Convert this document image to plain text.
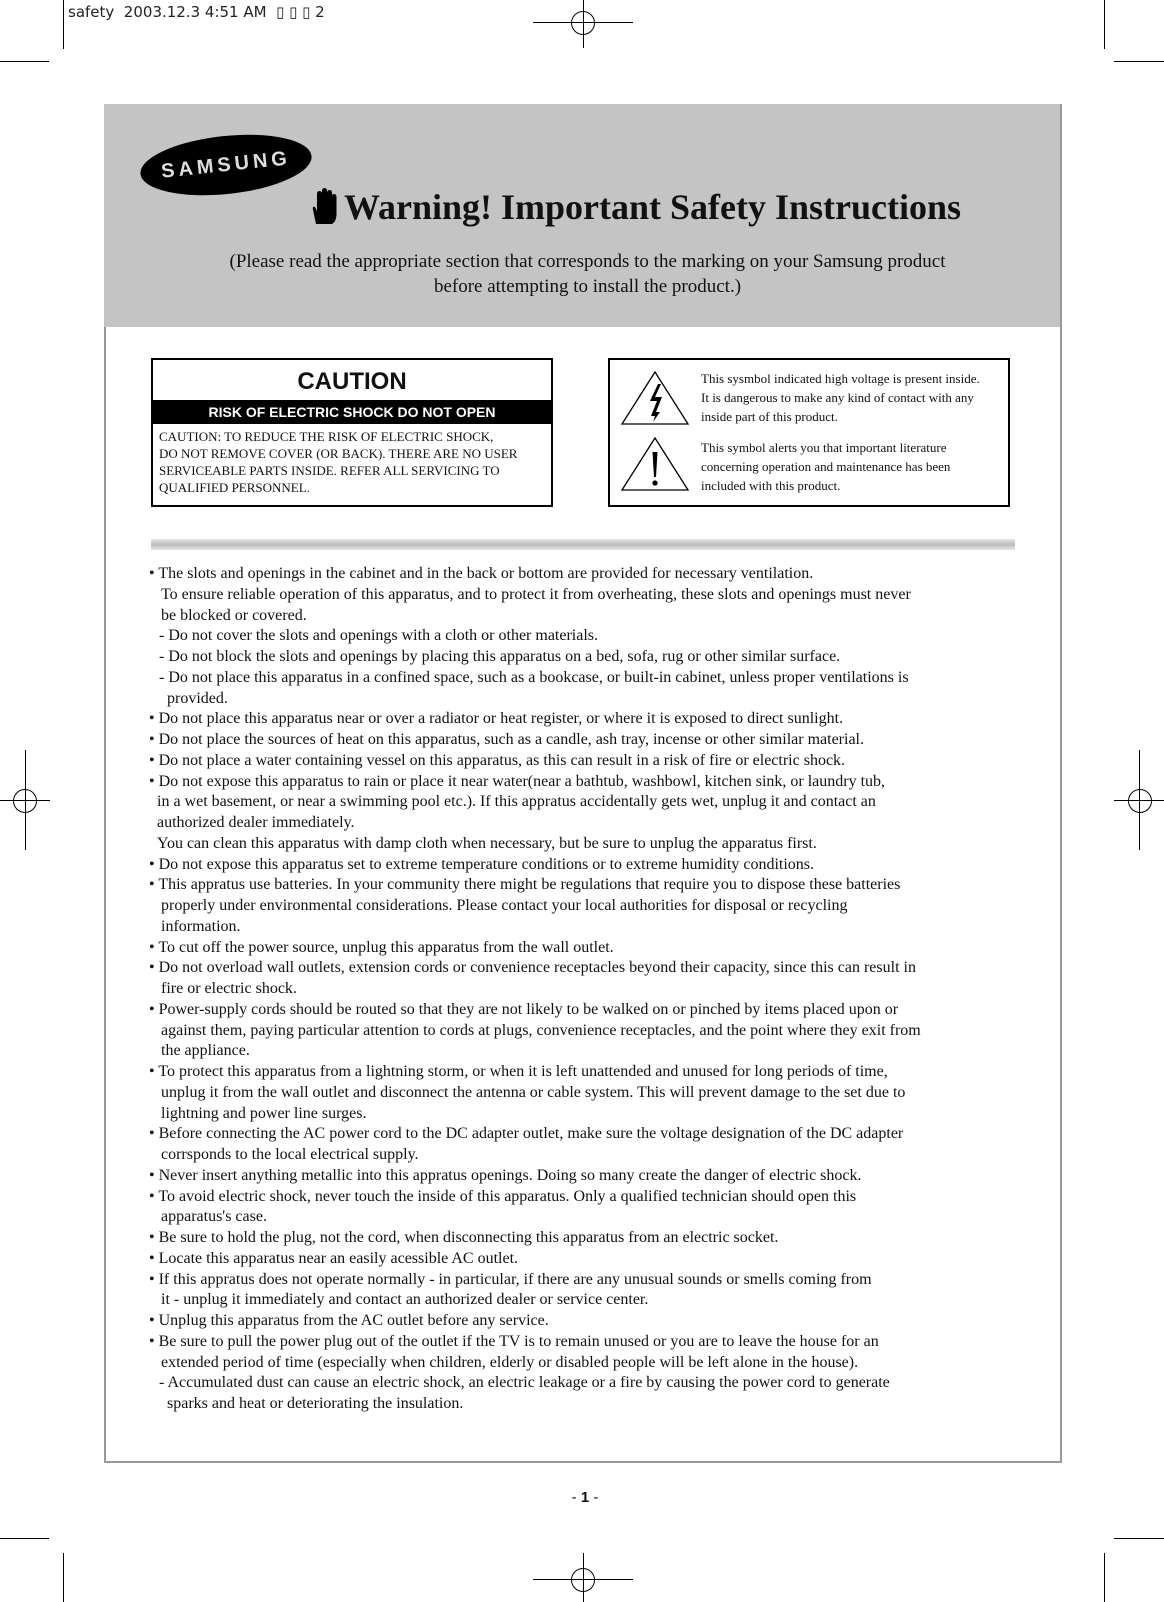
safety  2003.12.3 4:51 AM  ▯ ▯ ▯ 2
SAMSUNG
Warning! Important Safety Instructions
(Please read the appropriate section that corresponds to the marking on your Samsung product
before attempting to install the product.)
CAUTION
RISK OF ELECTRIC SHOCK DO NOT OPEN
CAUTION: TO REDUCE THE RISK OF ELECTRIC SHOCK,
DO NOT REMOVE COVER (OR BACK). THERE ARE NO USER
SERVICEABLE PARTS INSIDE. REFER ALL SERVICING TO
QUALIFIED PERSONNEL.
This sysmbol indicated high voltage is present inside.
It is dangerous to make any kind of contact with any
inside part of this product.
This symbol alerts you that important literature
concerning operation and maintenance has been
included with this product.
• The slots and openings in the cabinet and in the back or bottom are provided for necessary ventilation.
To ensure reliable operation of this apparatus, and to protect it from overheating, these slots and openings must never
be blocked or covered.
- Do not cover the slots and openings with a cloth or other materials.
- Do not block the slots and openings by placing this apparatus on a bed, sofa, rug or other similar surface.
- Do not place this apparatus in a confined space, such as a bookcase, or built-in cabinet, unless proper ventilations is
provided.
• Do not place this apparatus near or over a radiator or heat register, or where it is exposed to direct sunlight.
• Do not place the sources of heat on this apparatus, such as a candle, ash tray, incense or other similar material.
• Do not place a water containing vessel on this apparatus, as this can result in a risk of fire or electric shock.
• Do not expose this apparatus to rain or place it near water(near a bathtub, washbowl, kitchen sink, or laundry tub,
in a wet basement, or near a swimming pool etc.). If this appratus accidentally gets wet, unplug it and contact an
authorized dealer immediately.
You can clean this apparatus with damp cloth when necessary, but be sure to unplug the apparatus first.
• Do not expose this apparatus set to extreme temperature conditions or to extreme humidity conditions.
• This appratus use batteries. In your community there might be regulations that require you to dispose these batteries
properly under environmental considerations. Please contact your local authorities for disposal or recycling
information.
• To cut off the power source, unplug this apparatus from the wall outlet.
• Do not overload wall outlets, extension cords or convenience receptacles beyond their capacity, since this can result in
fire or electric shock.
• Power-supply cords should be routed so that they are not likely to be walked on or pinched by items placed upon or
against them, paying particular attention to cords at plugs, convenience receptacles, and the point where they exit from
the appliance.
• To protect this apparatus from a lightning storm, or when it is left unattended and unused for long periods of time,
unplug it from the wall outlet and disconnect the antenna or cable system. This will prevent damage to the set due to
lightning and power line surges.
• Before connecting the AC power cord to the DC adapter outlet, make sure the voltage designation of the DC adapter
corrsponds to the local electrical supply.
• Never insert anything metallic into this appratus openings. Doing so many create the danger of electric shock.
• To avoid electric shock, never touch the inside of this apparatus. Only a qualified technician should open this
apparatus's case.
• Be sure to hold the plug, not the cord, when disconnecting this apparatus from an electric socket.
• Locate this apparatus near an easily acessible AC outlet.
• If this appratus does not operate normally - in particular, if there are any unusual sounds or smells coming from
it - unplug it immediately and contact an authorized dealer or service center.
• Unplug this apparatus from the AC outlet before any service.
• Be sure to pull the power plug out of the outlet if the TV is to remain unused or you are to leave the house for an
extended period of time (especially when children, elderly or disabled people will be left alone in the house).
- Accumulated dust can cause an electric shock, an electric leakage or a fire by causing the power cord to generate
sparks and heat or deteriorating the insulation.
- 1 -
